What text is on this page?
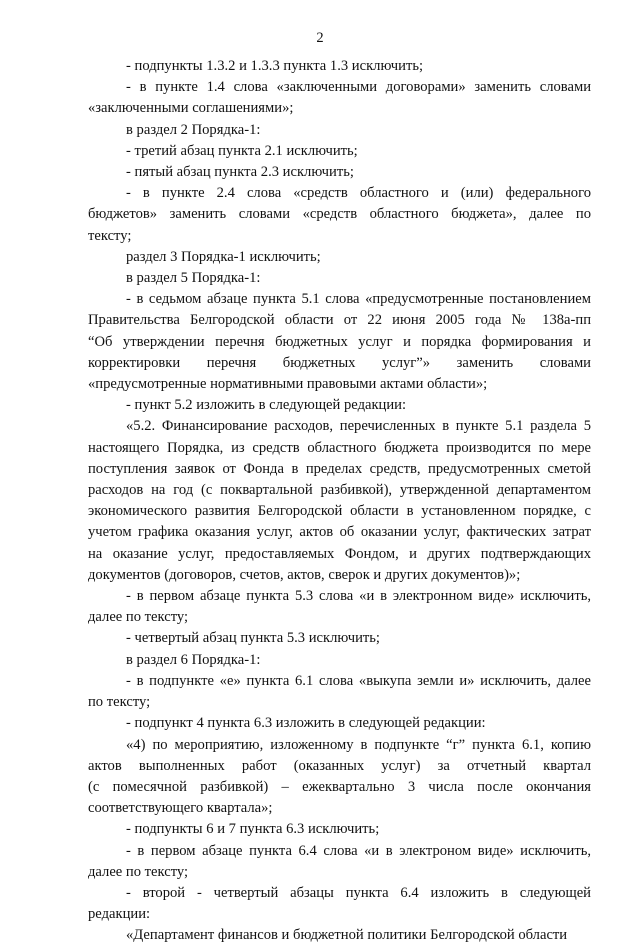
2
- подпункты 1.3.2 и 1.3.3 пункта 1.3 исключить;
- в пункте 1.4 слова «заключенными договорами» заменить словами
«заключенными соглашениями»;
в раздел 2 Порядка-1:
- третий абзац пункта 2.1 исключить;
- пятый абзац пункта 2.3 исключить;
- в пункте 2.4 слова «средств областного и (или) федерального
бюджетов» заменить словами «средств областного бюджета», далее по
тексту;
раздел 3 Порядка-1 исключить;
в раздел 5 Порядка-1:
- в седьмом абзаце пункта 5.1 слова «предусмотренные постановлением
Правительства Белгородской области от 22 июня 2005 года № 138а-пп
“Об утверждении перечня бюджетных услуг и порядка формирования и
корректировки перечня бюджетных услуг”» заменить словами
«предусмотренные нормативными правовыми актами области»;
- пункт 5.2 изложить в следующей редакции:
«5.2. Финансирование расходов, перечисленных в пункте 5.1 раздела 5
настоящего Порядка, из средств областного бюджета производится по мере
поступления заявок от Фонда в пределах средств, предусмотренных сметой
расходов на год (с поквартальной разбивкой), утвержденной департаментом
экономического развития Белгородской области в установленном порядке, с
учетом графика оказания услуг, актов об оказании услуг, фактических затрат
на оказание услуг, предоставляемых Фондом, и других подтверждающих
документов (договоров, счетов, актов, сверок и других документов)»;
- в первом абзаце пункта 5.3 слова «и в электронном виде» исключить,
далее по тексту;
- четвертый абзац пункта 5.3 исключить;
в раздел 6 Порядка-1:
- в подпункте «е» пункта 6.1 слова «выкупа земли и» исключить, далее
по тексту;
- подпункт 4 пункта 6.3 изложить в следующей редакции:
«4) по мероприятию, изложенному в подпункте “г” пункта 6.1, копию
актов выполненных работ (оказанных услуг) за отчетный квартал
(с помесячной разбивкой) – ежеквартально 3 числа после окончания
соответствующего квартала»;
- подпункты 6 и 7 пункта 6.3 исключить;
- в первом абзаце пункта 6.4 слова «и в электроном виде» исключить,
далее по тексту;
- второй - четвертый абзацы пункта 6.4 изложить в следующей
редакции:
«Департамент финансов и бюджетной политики Белгородской области
